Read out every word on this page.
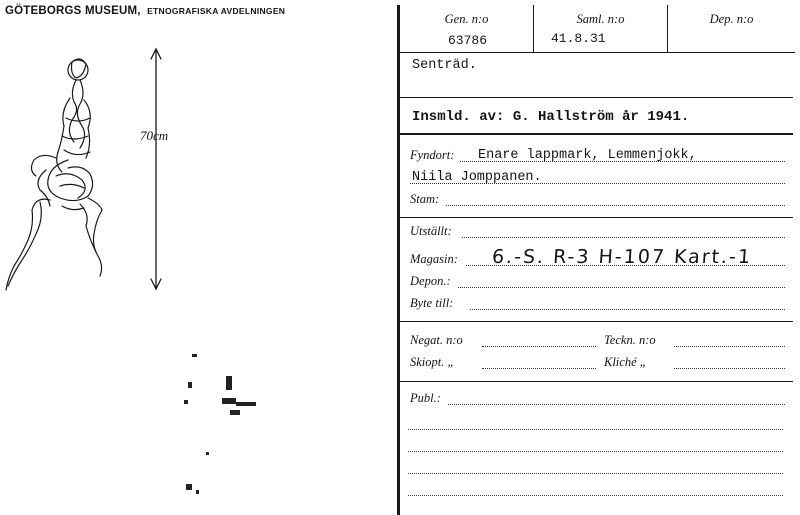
GÖTEBORGS MUSEUM, ETNOGRAFISKA AVDELNINGEN
70cm
Gen. n:o
63786
Saml. n:o
41.8.31
Dep. n:o
Senträd.
Insmld. av: G. Hallström år 1941.
Fyndort: Enare lappmark, Lemmenjokk,
Niila Jomppanen.
Stam:
Utställt:
Magasin: 6.-S. R-3 H-107 Kart.-1
Depon.:
Byte till:
Negat. n:o	Teckn. n:o
Skiopt. „	Kliché „
Publ.:
